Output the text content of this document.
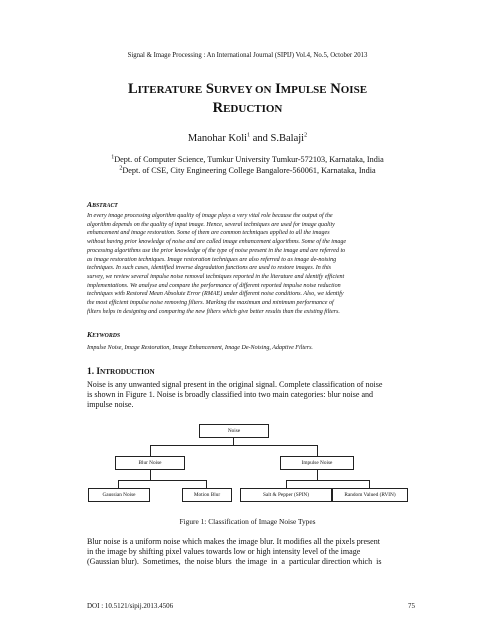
Signal & Image Processing : An International Journal (SIPIJ) Vol.4, No.5, October 2013
LITERATURE SURVEY ON IMPULSE NOISE
REDUCTION
Manohar Koli$^1$ and S.Balaji$^2$
$^1$Dept. of Computer Science, Tumkur University Tumkur-572103, Karnataka, India
$^2$Dept. of CSE, City Engineering College Bangalore-560061, Karnataka, India
ABSTRACT
In every image processing algorithm quality of image plays a very vital role because the output of the
algorithm depends on the quality of input image. Hence, several techniques are used for image quality
enhancement and image restoration. Some of them are common techniques applied to all the images
without having prior knowledge of noise and are called image enhancement algorithms. Some of the image
processing algorithms use the prior knowledge of the type of noise present in the image and are referred to
as image restoration techniques. Image restoration techniques are also referred to as image de-noising
techniques. In such cases, identified inverse degradation functions are used to restore images. In this
survey, we review several impulse noise removal techniques reported in the literature and identify efficient
implementations. We analyse and compare the performance of different reported impulse noise reduction
techniques with Restored Mean Absolute Error (RMAE) under different noise conditions. Also, we identify
the most efficient impulse noise removing filters. Marking the maximum and minimum performance of
filters helps in designing and comparing the new filters which give better results than the existing filters.
KEYWORDS
Impulse Noise, Image Restoration, Image Enhancement, Image De-Noising, Adaptive Filters.
1. INTRODUCTION
Noise is any unwanted signal present in the original signal. Complete classification of noise
is shown in Figure 1. Noise is broadly classified into two main categories: blur noise and
impulse noise.
Noise
Blur Noise	Impulse Noise
Gaussian Noise	Motion Blur	Salt & Pepper (SPIN)	Random Valued (RVIN)
Figure 1: Classification of Image Noise Types
Blur noise is a uniform noise which makes the image blur. It modifies all the pixels present
in the image by shifting pixel values towards low or high intensity level of the image
(Gaussian blur).  Sometimes,  the noise blurs  the image  in  a  particular direction which  is
DOI : 10.5121/sipij.2013.4506	75
